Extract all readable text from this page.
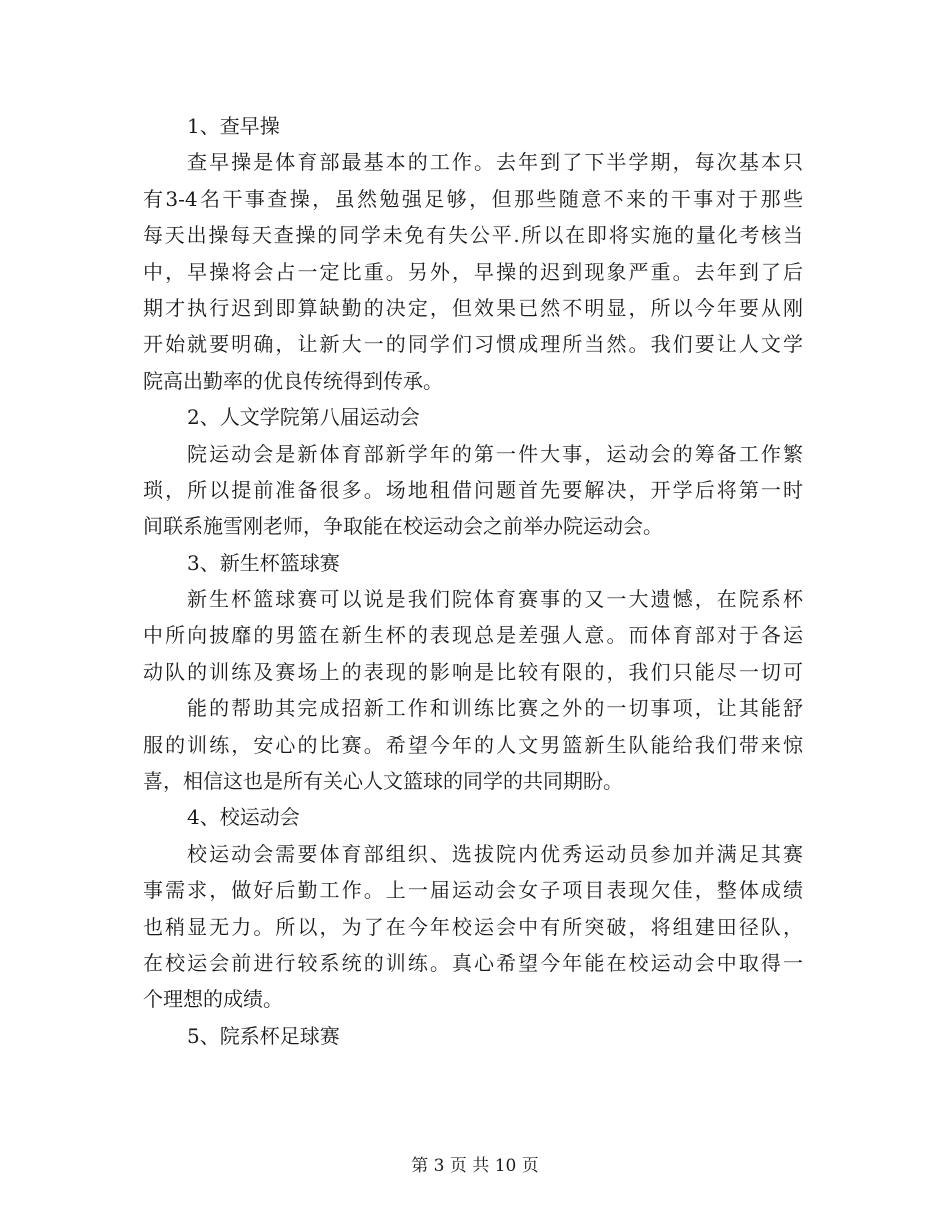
1、查早操
查早操是体育部最基本的工作。去年到了下半学期，每次基本只
有3-4名干事查操，虽然勉强足够，但那些随意不来的干事对于那些
每天出操每天查操的同学未免有失公平.所以在即将实施的量化考核当
中，早操将会占一定比重。另外，早操的迟到现象严重。去年到了后
期才执行迟到即算缺勤的决定，但效果已然不明显，所以今年要从刚
开始就要明确，让新大一的同学们习惯成理所当然。我们要让人文学
院高出勤率的优良传统得到传承。
2、人文学院第八届运动会
院运动会是新体育部新学年的第一件大事，运动会的筹备工作繁
琐，所以提前准备很多。场地租借问题首先要解决，开学后将第一时
间联系施雪刚老师，争取能在校运动会之前举办院运动会。
3、新生杯篮球赛
新生杯篮球赛可以说是我们院体育赛事的又一大遗憾，在院系杯
中所向披靡的男篮在新生杯的表现总是差强人意。而体育部对于各运
动队的训练及赛场上的表现的影响是比较有限的，我们只能尽一切可
能的帮助其完成招新工作和训练比赛之外的一切事项，让其能舒
服的训练，安心的比赛。希望今年的人文男篮新生队能给我们带来惊
喜，相信这也是所有关心人文篮球的同学的共同期盼。
4、校运动会
校运动会需要体育部组织、选拔院内优秀运动员参加并满足其赛
事需求，做好后勤工作。上一届运动会女子项目表现欠佳，整体成绩
也稍显无力。所以，为了在今年校运会中有所突破，将组建田径队，
在校运会前进行较系统的训练。真心希望今年能在校运动会中取得一
个理想的成绩。
5、院系杯足球赛
第 3 页 共 10 页
